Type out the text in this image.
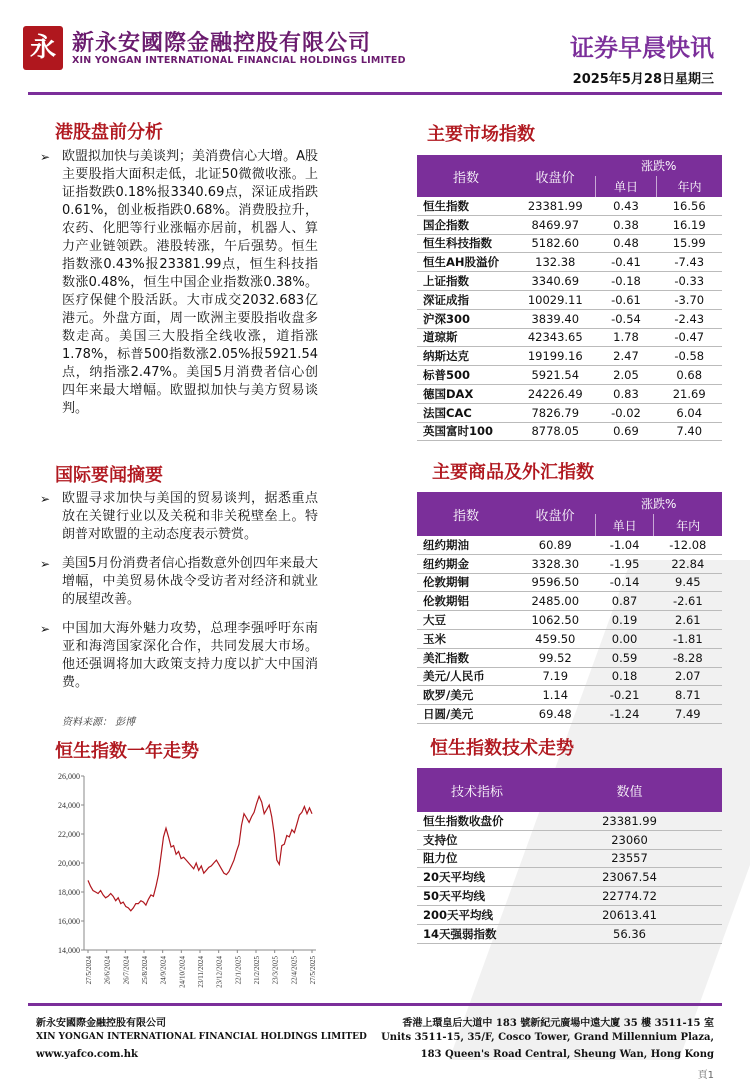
永 新永安國際金融控股有限公司
XIN YONGAN INTERNATIONAL FINANCIAL HOLDINGS LIMITED	证券早晨快讯
2025年5月28日星期三
港股盘前分析
➢ 欧盟拟加快与美谈判；美消费信心大增。A股主要股指大面积走低，北证50微微收涨。上证指数跌0.18%报3340.69点，深证成指跌0.61%，创业板指跌0.68%。消费股拉升，农药、化肥等行业涨幅亦居前，机器人、算力产业链领跌。港股转涨，午后强势。恒生指数涨0.43%报23381.99点，恒生科技指数涨0.48%，恒生中国企业指数涨0.38%。医疗保健个股活跃。大市成交2032.683亿港元。外盘方面，周一欧洲主要股指收盘多数走高。美国三大股指全线收涨，道指涨1.78%，标普500指数涨2.05%报5921.54点，纳指涨2.47%。美国5月消费者信心创四年来最大增幅。欧盟拟加快与美方贸易谈判。
国际要闻摘要
➢ 欧盟寻求加快与美国的贸易谈判，据悉重点放在关键行业以及关税和非关税壁垒上。特朗普对欧盟的主动态度表示赞赏。
➢ 美国5月份消费者信心指数意外创四年来最大增幅，中美贸易休战令受访者对经济和就业的展望改善。
➢ 中国加大海外魅力攻势，总理李强呼吁东南亚和海湾国家深化合作，共同发展大市场。他还强调将加大政策支持力度以扩大中国消费。
资料来源： 彭博
恒生指数一年走势
26,000
24,000
22,000
20,000
18,000
16,000
14,000
27/5/2024 26/6/2024 26/7/2024 25/8/2024 24/9/2024 24/10/2024 23/11/2024 23/12/2024 22/1/2025 21/2/2025 23/3/2025 22/4/2025 27/5/2025
主要市场指数
指数	收盘价	涨跌%	
		单日	年内
恒生指数	23381.99	0.43	16.56
国企指数	8469.97	0.38	16.19
恒生科技指数	5182.60	0.48	15.99
恒生AH股溢价	132.38	-0.41	-7.43
上证指数	3340.69	-0.18	-0.33
深证成指	10029.11	-0.61	-3.70
沪深300	3839.40	-0.54	-2.43
道琼斯	42343.65	1.78	-0.47
纳斯达克	19199.16	2.47	-0.58
标普500	5921.54	2.05	0.68
德国DAX	24226.49	0.83	21.69
法国CAC	7826.79	-0.02	6.04
英国富时100	8778.05	0.69	7.40
主要商品及外汇指数
指数	收盘价	涨跌%	
		单日	年内
纽约期油	60.89	-1.04	-12.08
纽约期金	3328.30	-1.95	22.84
伦敦期铜	9596.50	-0.14	9.45
伦敦期铝	2485.00	0.87	-2.61
大豆	1062.50	0.19	2.61
玉米	459.50	0.00	-1.81
美汇指数	99.52	0.59	-8.28
美元/人民币	7.19	0.18	2.07
欧罗/美元	1.14	-0.21	8.71
日圆/美元	69.48	-1.24	7.49
恒生指数技术走势
技术指标	数值
恒生指数收盘价	23381.99
支持位	23060
阻力位	23557
20天平均线	23067.54
50天平均线	22774.72
200天平均线	20613.41
14天强弱指数	56.36
新永安國際金融控股有限公司
XIN YONGAN INTERNATIONAL FINANCIAL HOLDINGS LIMITED
www.yafco.com.hk
香港上環皇后大道中 183 號新紀元廣場中遠大廈 35 樓 3511-15 室
Units 3511-15, 35/F, Cosco Tower, Grand Millennium Plaza,
183 Queen's Road Central, Sheung Wan, Hong Kong
頁1
